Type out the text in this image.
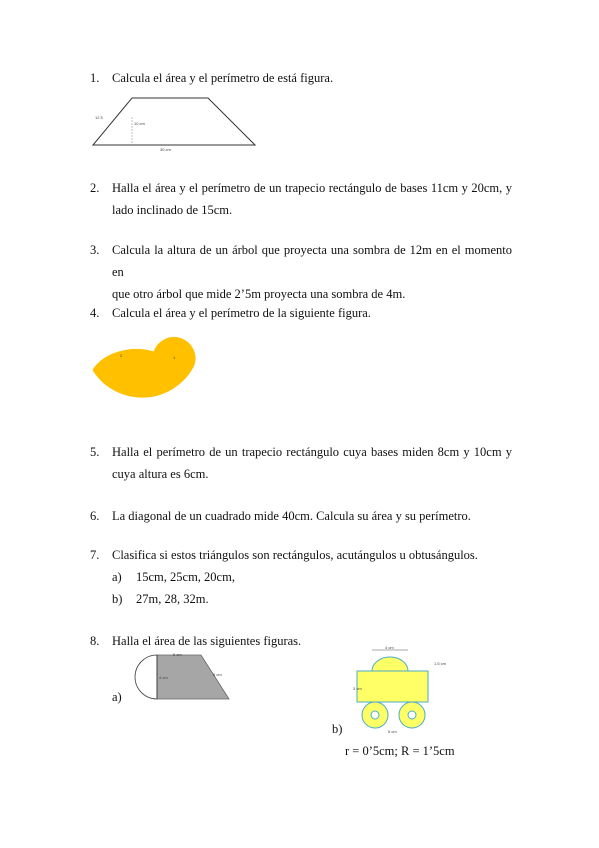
1. Calcula el área y el perímetro de está figura.
12 5
10 cm
30 cm
2. Halla el área y el perímetro de un trapecio rectángulo de bases 11cm y 20cm, y
lado inclinado de 15cm.
3. Calcula la altura de un árbol que proyecta una sombra de 12m en el momento en
que otro árbol que mide 2’5m proyecta una sombra de 4m.
4. Calcula el área y el perímetro de la siguiente figura.
2	1
5. Halla el perímetro de un trapecio rectángulo cuya bases miden 8cm y 10cm y
cuya altura es 6cm.
6. La diagonal de un cuadrado mide 40cm. Calcula su área y su perímetro.
7. Clasifica si estos triángulos son rectángulos, acutángulos u obtusángulos.
a) 15cm, 25cm, 20cm,
b) 27m, 28, 32m.
8. Halla el área de las siguientes figuras.
a)
5 cm
5 cm
4 cm
4 cm
1.5 cm
3 cm
5 cm
b)
r = 0’5cm; R = 1’5cm
